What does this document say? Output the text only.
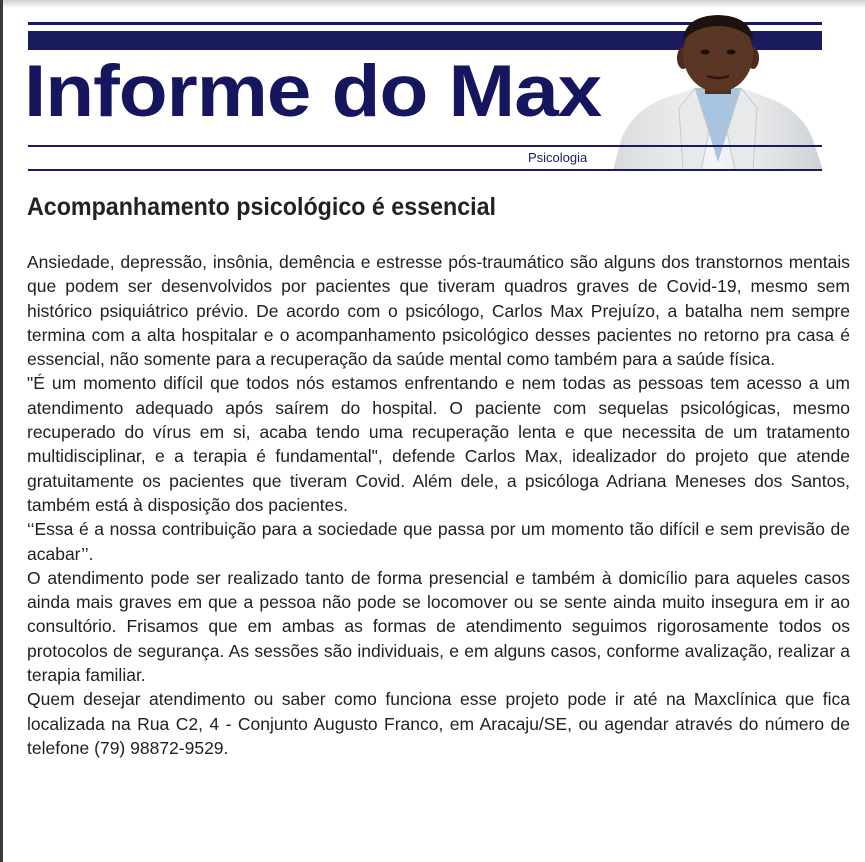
Informe do Max
Psicologia
Acompanhamento psicológico é essencial

Ansiedade, depressão, insônia, demência e estresse pós-traumático são alguns dos transtornos mentais que podem ser desenvolvidos por pacientes que tiveram quadros graves de Covid-19, mesmo sem histórico psiquiátrico prévio. De acordo com o psicólogo, Carlos Max Prejuízo, a batalha nem sempre termina com a alta hospitalar e o acompanhamento psicológico desses pacientes no retorno pra casa é essencial, não somente para a recuperação da saúde mental como também para a saúde física.

"É um momento difícil que todos nós estamos enfrentando e nem todas as pessoas tem acesso a um atendimento adequado após saírem do hospital. O paciente com sequelas psicológicas, mesmo recuperado do vírus em si, acaba tendo uma recuperação lenta e que necessita de um tratamento multidisciplinar, e a terapia é fundamental", defende Carlos Max, idealizador do projeto que atende gratuitamente os pacientes que tiveram Covid. Além dele, a psicóloga Adriana Meneses dos Santos, também está à disposição dos pacientes.

‘‘Essa é a nossa contribuição para a sociedade que passa por um momento tão difícil e sem previsão de acabar’’.

O atendimento pode ser realizado tanto de forma presencial e também à domicílio para aqueles casos ainda mais graves em que a pessoa não pode se locomover ou se sente ainda muito insegura em ir ao consultório. Frisamos que em ambas as formas de atendimento seguimos rigorosamente todos os protocolos de segurança. As sessões são individuais, e em alguns casos, conforme avalização, realizar a terapia familiar.

Quem desejar atendimento ou saber como funciona esse projeto pode ir até na Maxclínica que fica localizada na Rua C2, 4 - Conjunto Augusto Franco, em Aracaju/SE, ou agendar através do número de telefone (79) 98872-9529.
